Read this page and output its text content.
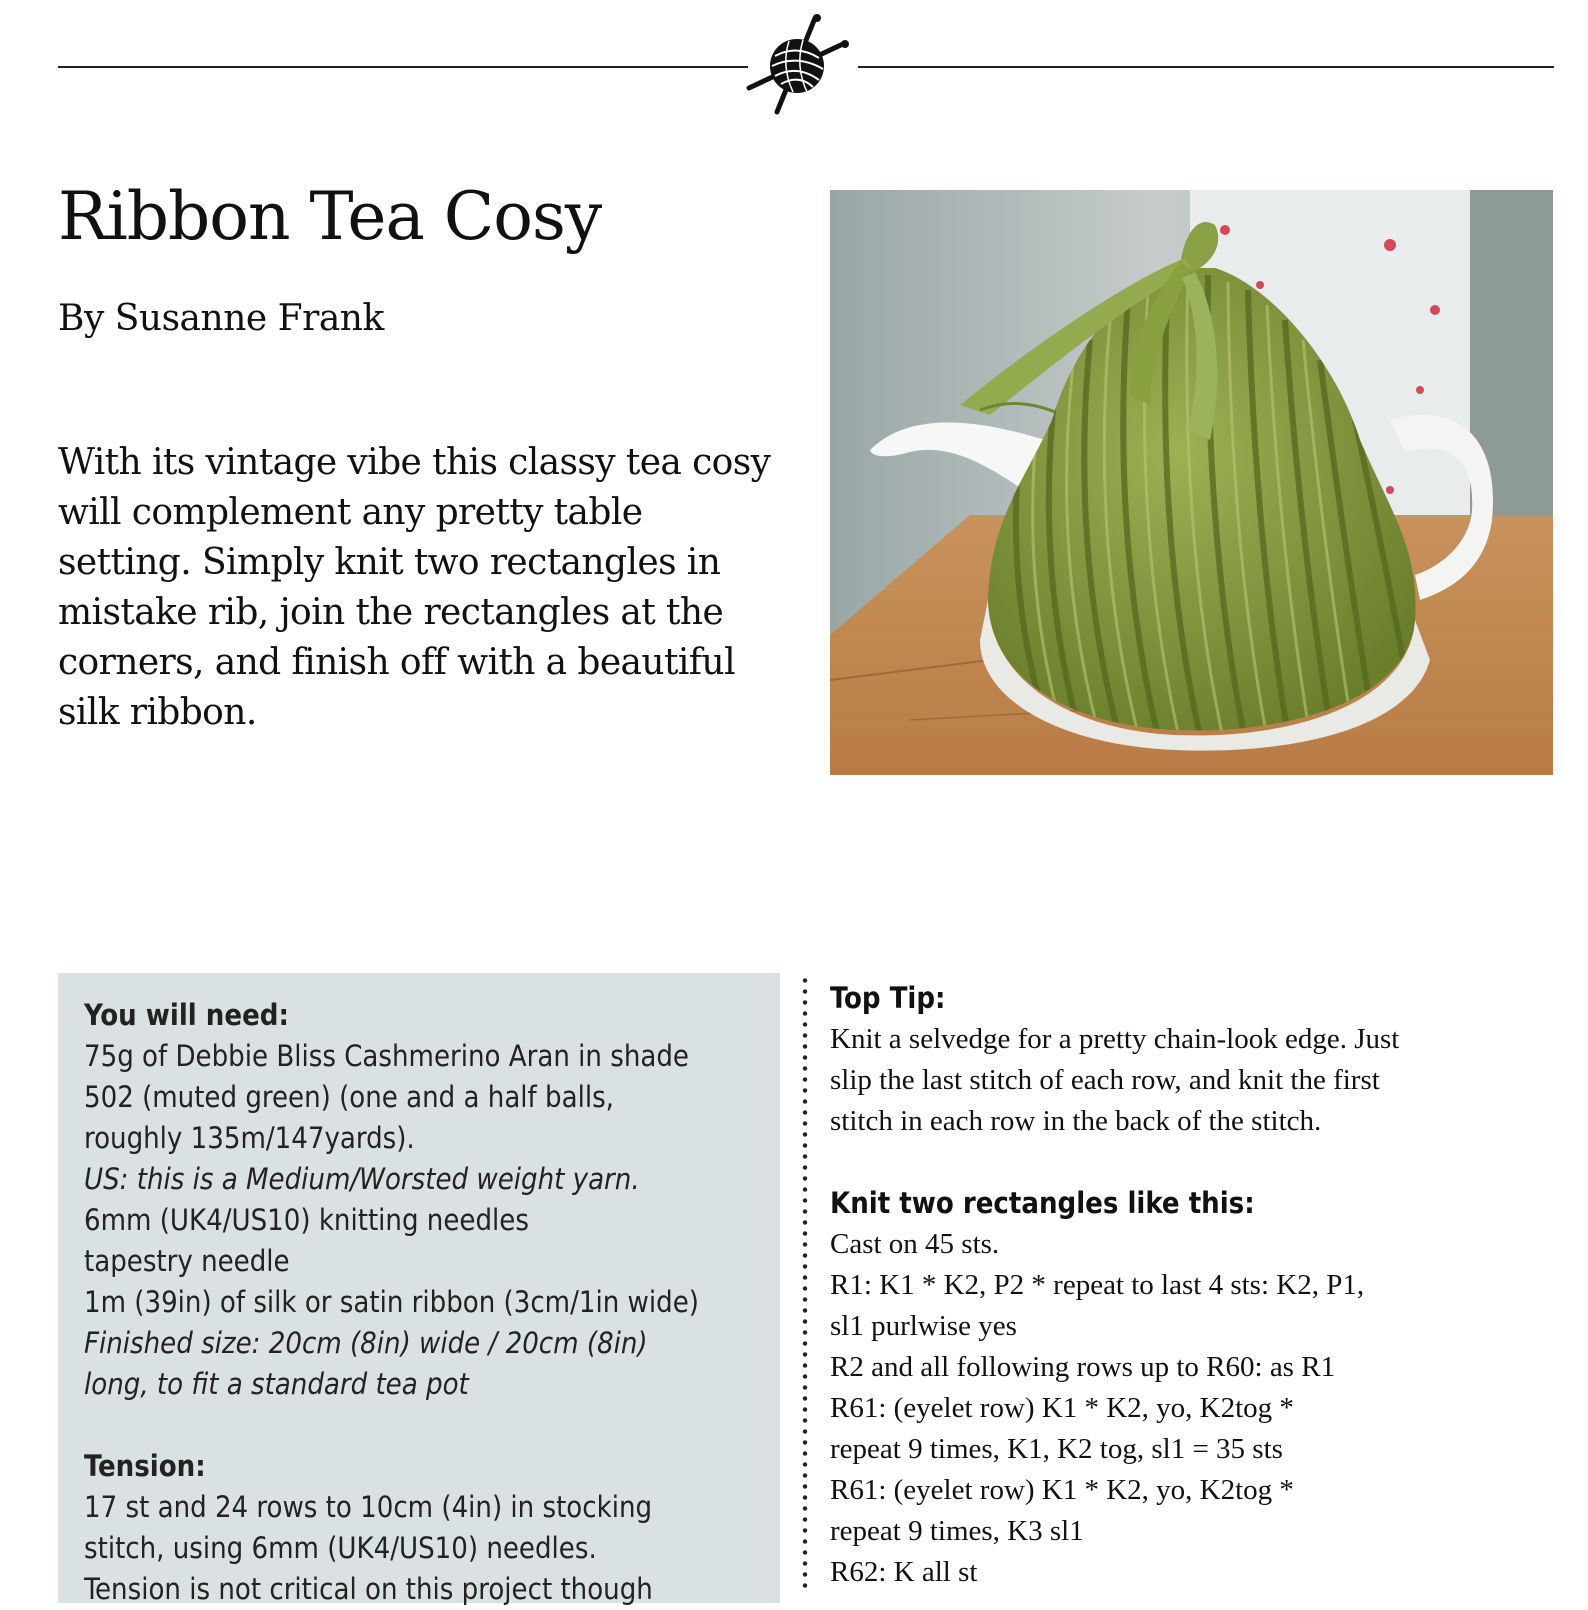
Ribbon Tea Cosy

By Susanne Frank

With its vintage vibe this classy tea cosy will complement any pretty table setting. Simply knit two rectangles in mistake rib, join the rectangles at the corners, and finish off with a beautiful silk ribbon.

You will need:
75g of Debbie Bliss Cashmerino Aran in shade
502 (muted green) (one and a half balls,
roughly 135m/147yards).
US: this is a Medium/Worsted weight yarn.
6mm (UK4/US10) knitting needles
tapestry needle
1m (39in) of silk or satin ribbon (3cm/1in wide)
Finished size: 20cm (8in) wide / 20cm (8in)
long, to fit a standard tea pot
Tension:
17 st and 24 rows to 10cm (4in) in stocking
stitch, using 6mm (UK4/US10) needles.
Tension is not critical on this project though
Top Tip:
Knit a selvedge for a pretty chain-look edge. Just
slip the last stitch of each row, and knit the first
stitch in each row in the back of the stitch.
Knit two rectangles like this:
Cast on 45 sts.
R1: K1 * K2, P2 * repeat to last 4 sts: K2, P1,
sl1 purlwise yes
R2 and all following rows up to R60: as R1
R61: (eyelet row) K1 * K2, yo, K2tog *
repeat 9 times, K1, K2 tog, sl1 = 35 sts
R61: (eyelet row) K1 * K2, yo, K2tog *
repeat 9 times, K3 sl1
R62: K all st
